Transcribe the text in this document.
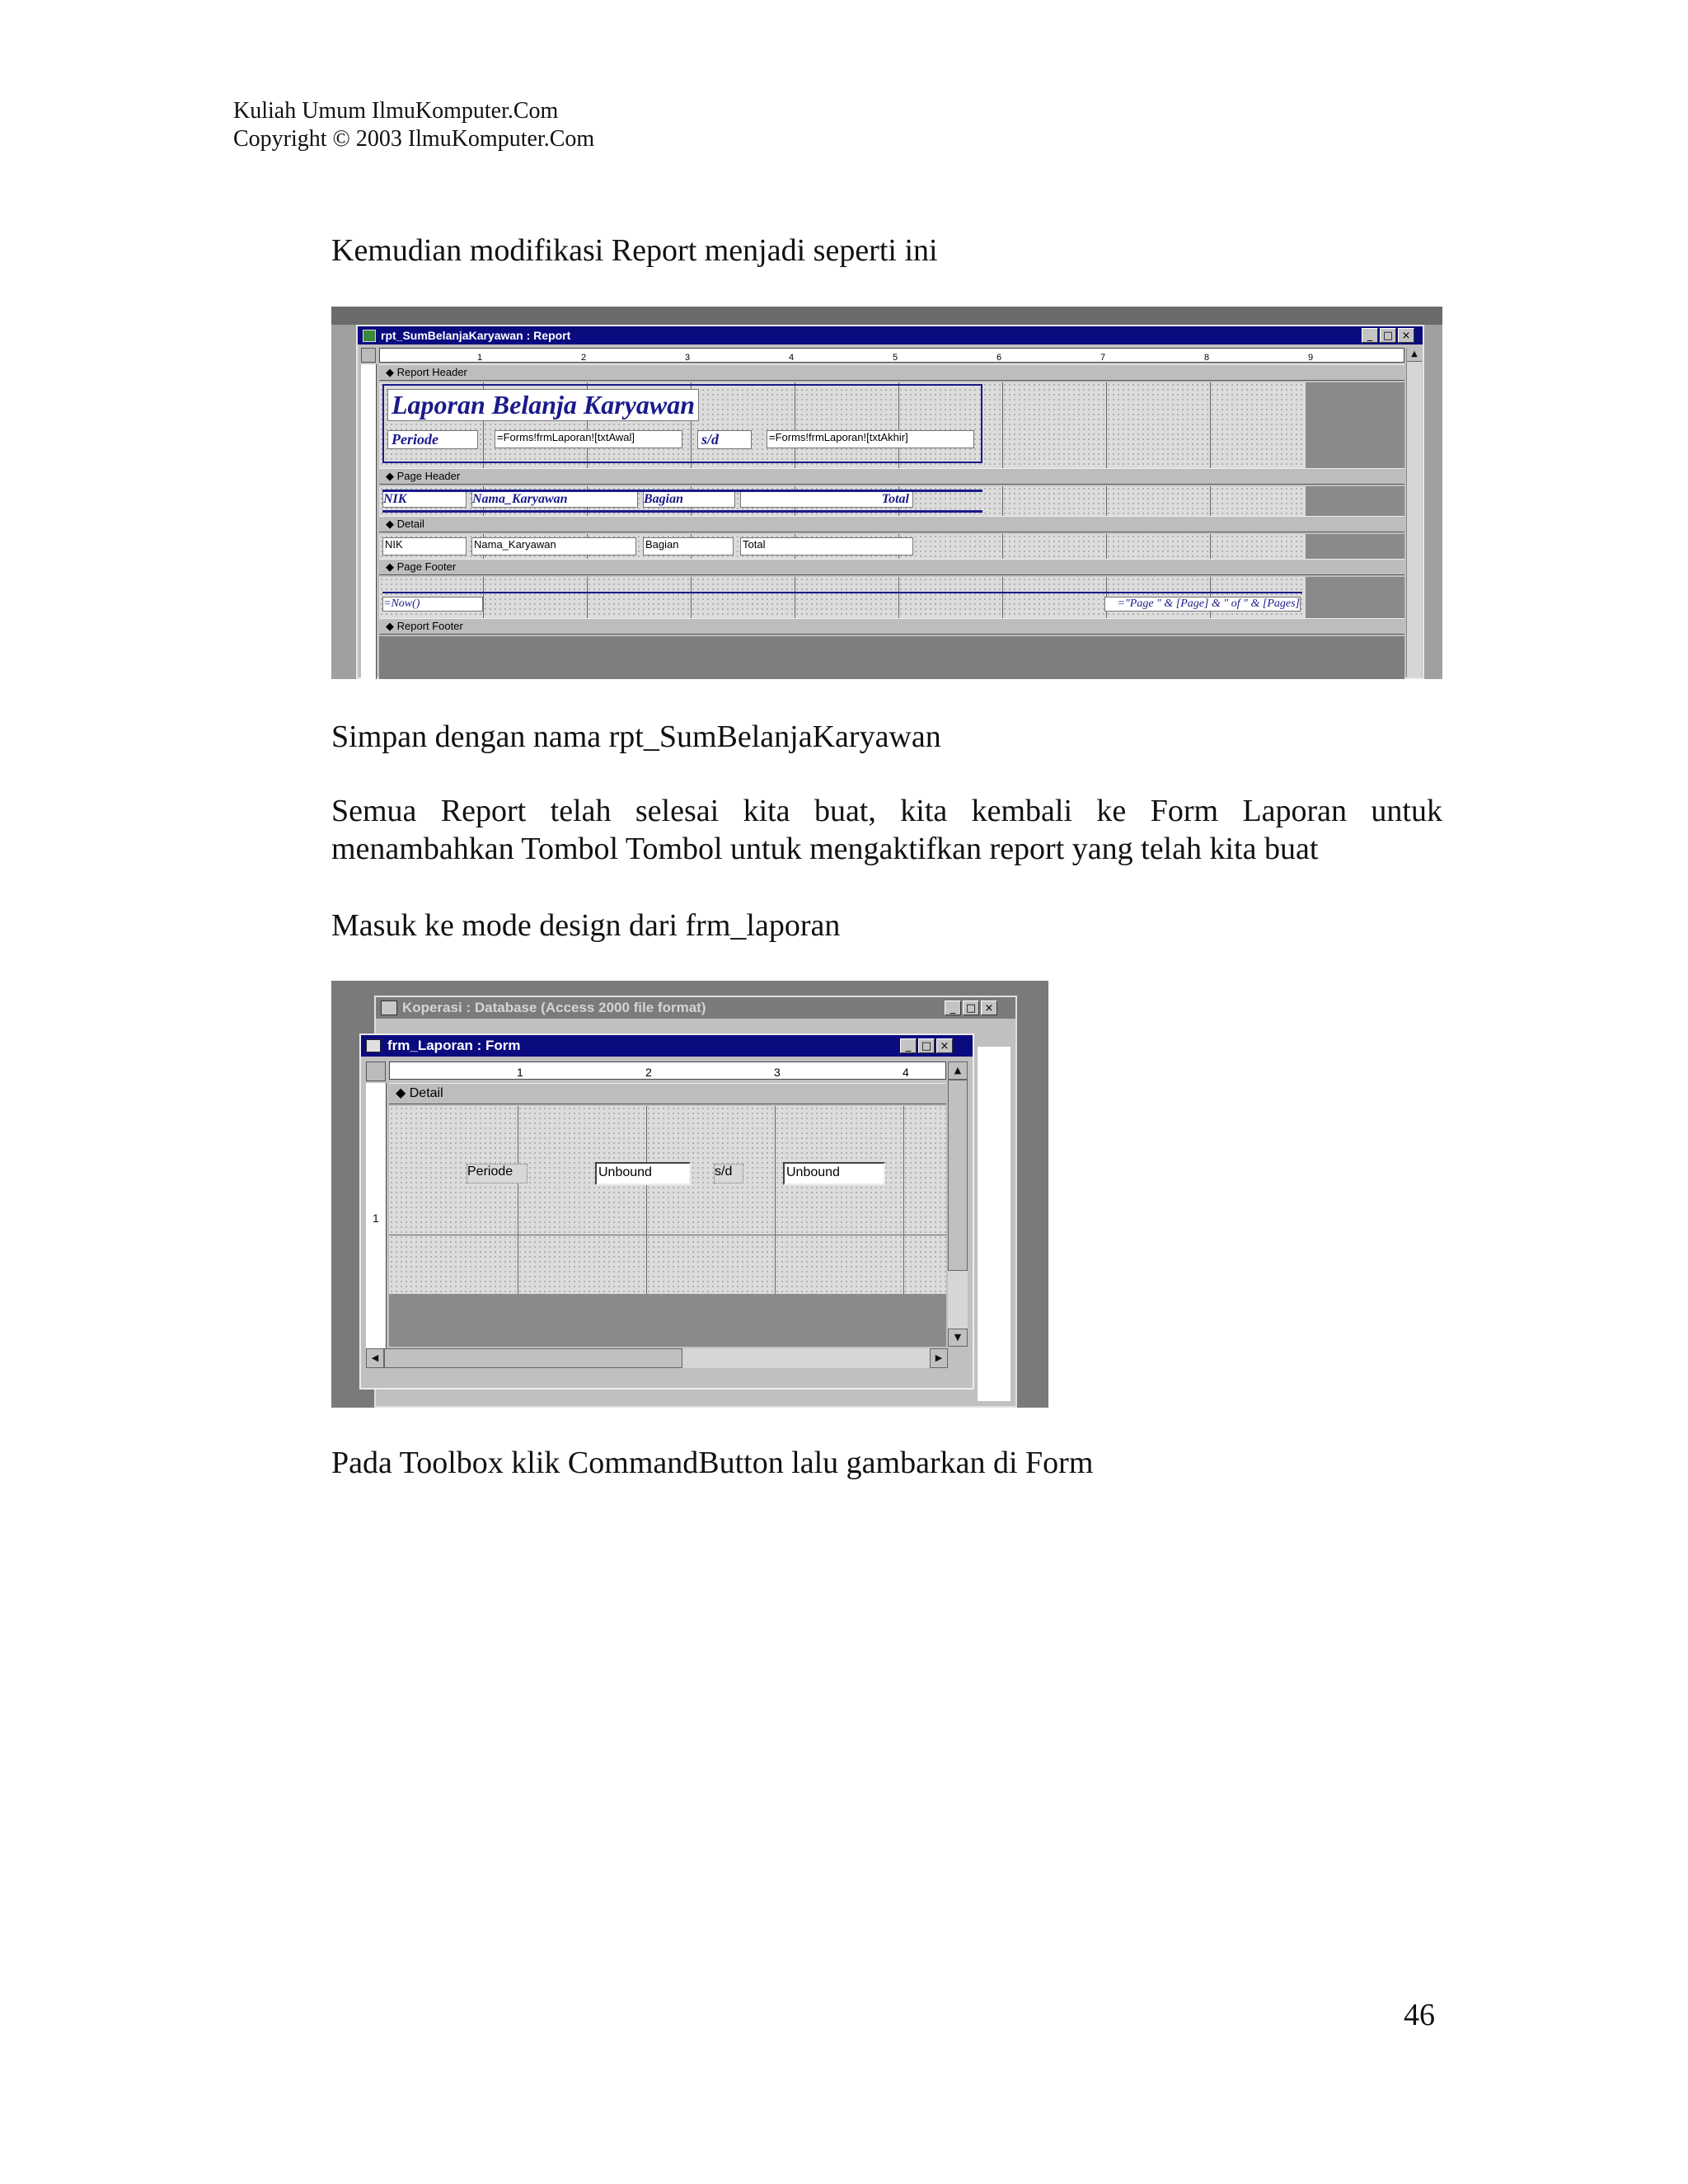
Kuliah Umum IlmuKomputer.Com
Copyright © 2003 IlmuKomputer.Com

Kemudian modifikasi Report menjadi seperti ini

rpt_SumBelanjaKaryawan : Report	_ □ ×
1	2	3	4	5	6	7	8	9	▲
◆ Report Header
Laporan Belanja Karyawan
Periode	=Forms!frmLaporan![txtAwal]	s/d	=Forms!frmLaporan![txtAkhir]
◆ Page Header
NIK	Nama_Karyawan	Bagian	Total
◆ Detail
NIK	Nama_Karyawan	Bagian	Total
◆ Page Footer
=Now()	="Page " & [Page] & " of " & [Pages]
◆ Report Footer

Simpan dengan nama rpt_SumBelanjaKaryawan

Semua Report telah selesai kita buat, kita kembali ke Form Laporan untuk menambahkan Tombol Tombol untuk mengaktifkan report yang telah kita buat

Masuk ke mode design dari frm_laporan

Koperasi : Database (Access 2000 file format)	_ □ ×
frm_Laporan : Form	_ □ ×
1	2	3	4
1
◆ Detail
Periode	Unbound	s/d	Unbound
▲
▼
◀	▶

Pada Toolbox klik CommandButton lalu gambarkan di Form

46
